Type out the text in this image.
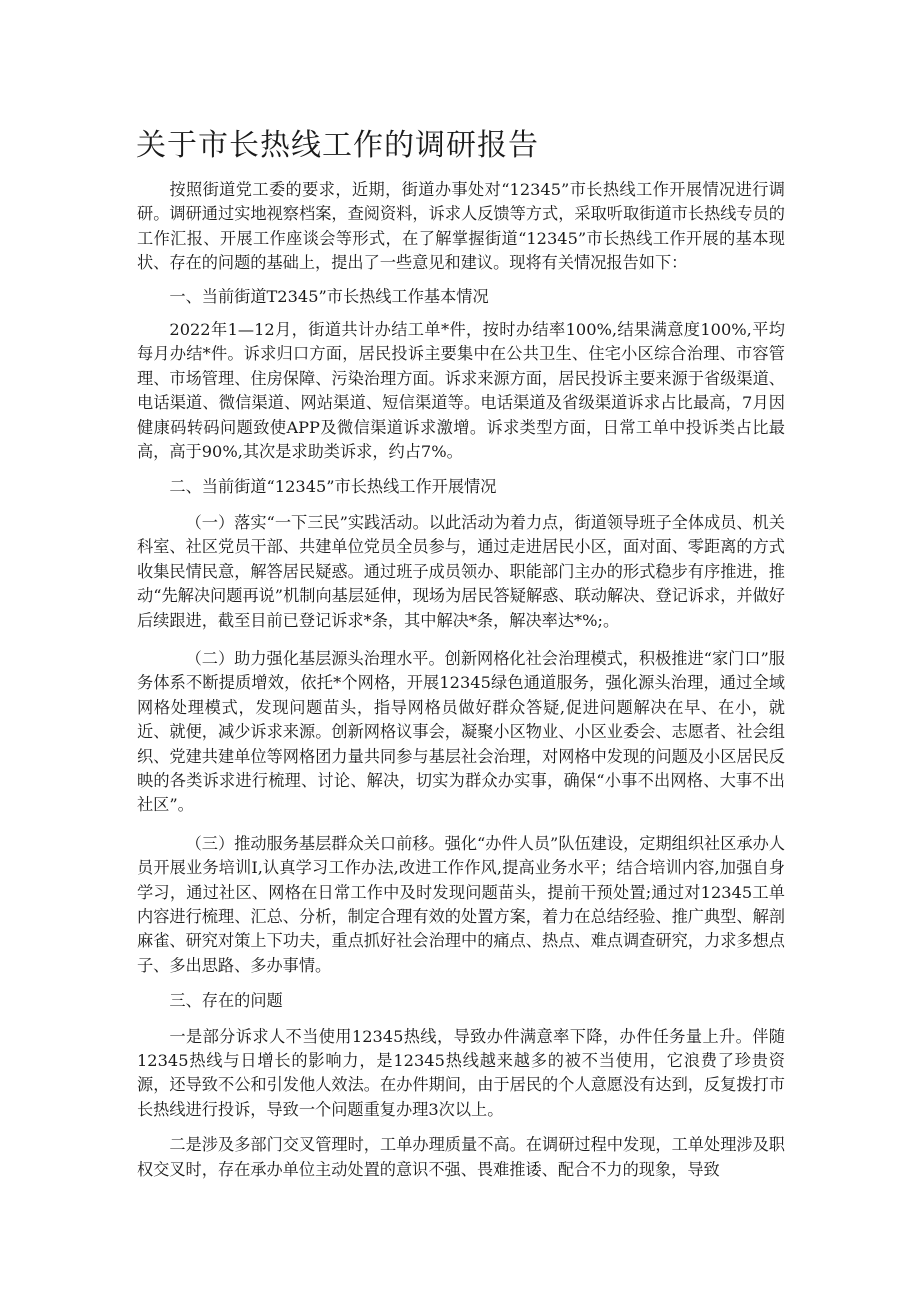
关于市长热线工作的调研报告

按照街道党工委的要求，近期，街道办事处对“12345”市长热线工作开展情况进行调研。调研通过实地视察档案，查阅资料，诉求人反馈等方式，采取听取街道市长热线专员的工作汇报、开展工作座谈会等形式，在了解掌握街道“12345”市长热线工作开展的基本现状、存在的问题的基础上，提出了一些意见和建议。现将有关情况报告如下：

一、当前街道T2345”市长热线工作基本情况

2022年1—12月，街道共计办结工单*件，按时办结率100%,结果满意度100%,平均每月办结*件。诉求归口方面，居民投诉主要集中在公共卫生、住宅小区综合治理、市容管理、市场管理、住房保障、污染治理方面。诉求来源方面，居民投诉主要来源于省级渠道、电话渠道、微信渠道、网站渠道、短信渠道等。电话渠道及省级渠道诉求占比最高，7月因健康码转码问题致使APP及微信渠道诉求激增。诉求类型方面，日常工单中投诉类占比最高，高于90%,其次是求助类诉求，约占7%。

二、当前街道“12345”市长热线工作开展情况

（一）落实“一下三民”实践活动。以此活动为着力点，街道领导班子全体成员、机关科室、社区党员干部、共建单位党员全员参与，通过走进居民小区，面对面、零距离的方式收集民情民意，解答居民疑惑。通过班子成员领办、职能部门主办的形式稳步有序推进，推动“先解决问题再说”机制向基层延伸，现场为居民答疑解惑、联动解决、登记诉求，并做好后续跟进，截至目前已登记诉求*条，其中解决*条，解决率达*%;。

（二）助力强化基层源头治理水平。创新网格化社会治理模式，积极推进“家门口”服务体系不断提质增效，依托*个网格，开展12345绿色通道服务，强化源头治理，通过全域网格处理模式，发现问题苗头，指导网格员做好群众答疑,促进问题解决在早、在小，就近、就便，减少诉求来源。创新网格议事会，凝聚小区物业、小区业委会、志愿者、社会组织、党建共建单位等网格团力量共同参与基层社会治理，对网格中发现的问题及小区居民反映的各类诉求进行梳理、讨论、解决，切实为群众办实事，确保“小事不出网格、大事不出社区”。

（三）推动服务基层群众关口前移。强化“办件人员”队伍建设，定期组织社区承办人员开展业务培训I,认真学习工作办法,改进工作作风,提高业务水平；结合培训内容,加强自身学习，通过社区、网格在日常工作中及时发现问题苗头，提前干预处置;通过对12345工单内容进行梳理、汇总、分析，制定合理有效的处置方案，着力在总结经验、推广典型、解剖麻雀、研究对策上下功夫，重点抓好社会治理中的痛点、热点、难点调查研究，力求多想点子、多出思路、多办事情。

三、存在的问题

一是部分诉求人不当使用12345热线，导致办件满意率下降，办件任务量上升。伴随12345热线与日增长的影响力，是12345热线越来越多的被不当使用，它浪费了珍贵资源，还导致不公和引发他人效法。在办件期间，由于居民的个人意愿没有达到，反复拨打市长热线进行投诉，导致一个问题重复办理3次以上。

二是涉及多部门交叉管理时，工单办理质量不高。在调研过程中发现，工单处理涉及职权交叉时，存在承办单位主动处置的意识不强、畏难推诿、配合不力的现象，导致
